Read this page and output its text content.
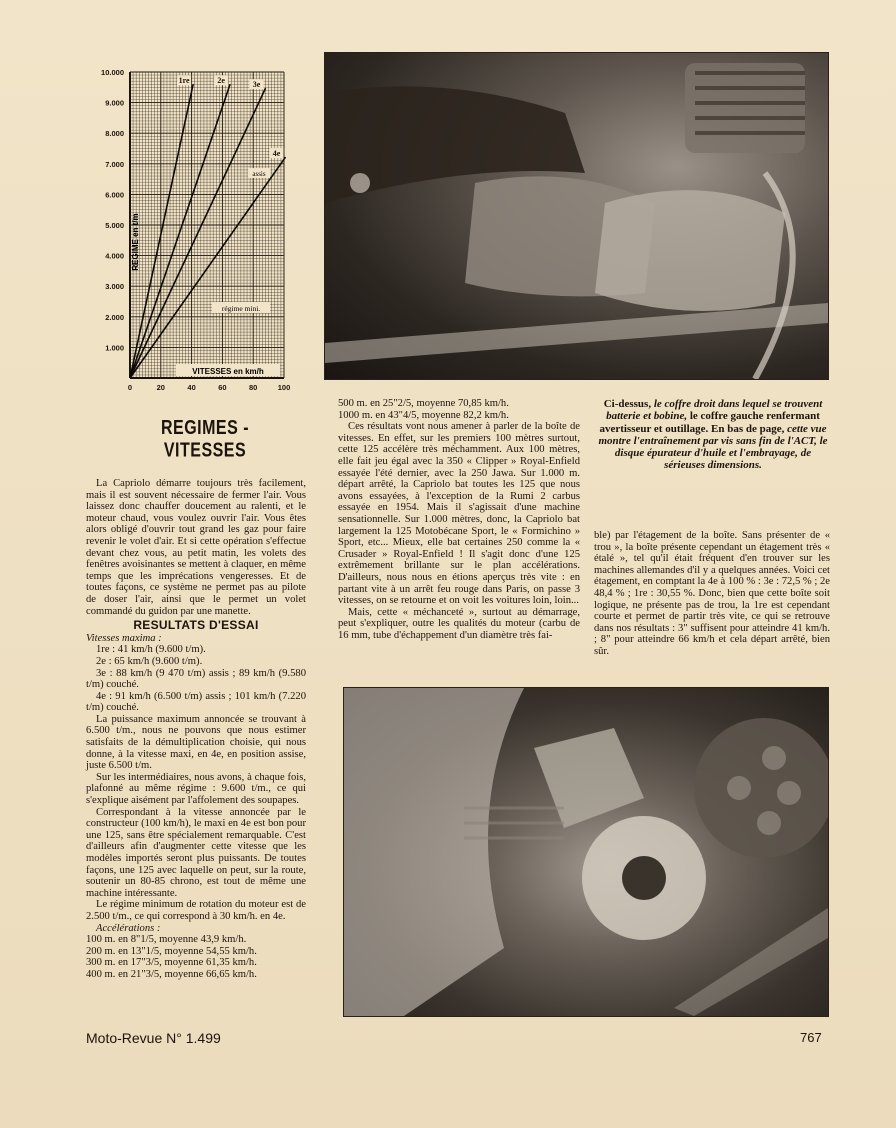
1re	2e	3e
4e
10.000
9.000
8.000
7.000
6.000
5.000
4.000
3.000
2.000
1.000
0	20	40	60	80	100
REGIME en t/m
VITESSES en km/h
assis
régime mini.
REGIMES - VITESSES

La Capriolo démarre toujours très facilement, mais il est souvent nécessaire de fermer l'air. Vous laissez donc chauffer doucement au ralenti, et le moteur chaud, vous voulez ouvrir l'air. Vous êtes alors obligé d'ouvrir tout grand les gaz pour faire revenir le volet d'air. Et si cette opération s'effectue devant chez vous, au petit matin, les volets des fenêtres avoisinantes se mettent à claquer, en même temps que les imprécations vengeresses. Et de toutes façons, ce système ne permet pas au pilote de doser l'air, ainsi que le permet un volet commandé du guidon par une manette.

RESULTATS D'ESSAI

Vitesses maxima :

1re : 41 km/h (9.600 t/m).

2e : 65 km/h (9.600 t/m).

3e : 88 km/h (9 470 t/m) assis ; 89 km/h (9.580 t/m) couché.

4e : 91 km/h (6.500 t/m) assis ; 101 km/h (7.220 t/m) couché.

La puissance maximum annoncée se trouvant à 6.500 t/m., nous ne pouvons que nous estimer satisfaits de la démultiplication choisie, qui nous donne, à la vitesse maxi, en 4e, en position assise, juste 6.500 t/m.

Sur les intermédiaires, nous avons, à chaque fois, plafonné au même régime : 9.600 t/m., ce qui s'explique aisément par l'affolement des soupapes.

Correspondant à la vitesse annoncée par le constructeur (100 km/h), le maxi en 4e est bon pour une 125, sans être spécialement remarquable. C'est d'ailleurs afin d'augmenter cette vitesse que les modèles importés seront plus puissants. De toutes façons, une 125 avec laquelle on peut, sur la route, soutenir un 80-85 chrono, est tout de même une machine intéressante.

Le régime minimum de rotation du moteur est de 2.500 t/m., ce qui correspond à 30 km/h. en 4e.

Accélérations :

100 m. en 8"1/5, moyenne 43,9 km/h.

200 m. en 13"1/5, moyenne 54,55 km/h.

300 m. en 17"3/5, moyenne 61,35 km/h.

400 m. en 21"3/5, moyenne 66,65 km/h.

500 m. en 25"2/5, moyenne 70,85 km/h.

1000 m. en 43"4/5, moyenne 82,2 km/h.

Ces résultats vont nous amener à parler de la boîte de vitesses. En effet, sur les premiers 100 mètres surtout, cette 125 accélère très méchamment. Aux 100 mètres, elle fait jeu égal avec la 350 « Clipper » Royal-Enfield essayée l'été dernier, avec la 250 Jawa. Sur 1.000 m. départ arrêté, la Capriolo bat toutes les 125 que nous avons essayées, à l'exception de la Rumi 2 carbus essayée en 1954. Mais il s'agissait d'une machine sensationnelle. Sur 1.000 mètres, donc, la Capriolo bat largement la 125 Motobécane Sport, le « Formichino » Sport, etc... Mieux, elle bat certaines 250 comme la « Crusader » Royal-Enfield ! Il s'agit donc d'une 125 extrêmement brillante sur le plan accélérations. D'ailleurs, nous nous en étions aperçus très vite : en partant vite à un arrêt feu rouge dans Paris, on passe 3 vitesses, on se retourne et on voit les voitures loin, loin...

Mais, cette « méchanceté », surtout au démarrage, peut s'expliquer, outre les qualités du moteur (carbu de 16 mm, tube d'échappement d'un diamètre très fai-

Ci-dessus, le coffre droit dans lequel se trouvent batterie et bobine, le coffre gauche renfermant avertisseur et outillage. En bas de page, cette vue montre l'entraînement par vis sans fin de l'ACT, le disque épurateur d'huile et l'embrayage, de sérieuses dimensions.

ble) par l'étagement de la boîte. Sans présenter de « trou », la boîte présente cependant un étagement très « étalé », tel qu'il était fréquent d'en trouver sur les machines allemandes d'il y a quelques années. Voici cet étagement, en comptant la 4e à 100 % : 3e : 72,5 % ; 2e 48,4 % ; 1re : 30,55 %. Donc, bien que cette boîte soit logique, ne présente pas de trou, la 1re est cependant courte et permet de partir très vite, ce qui se retrouve dans nos résultats : 3" suffisent pour atteindre 41 km/h. ; 8" pour atteindre 66 km/h et cela départ arrêté, bien sûr.

Moto-Revue N° 1.499	767
